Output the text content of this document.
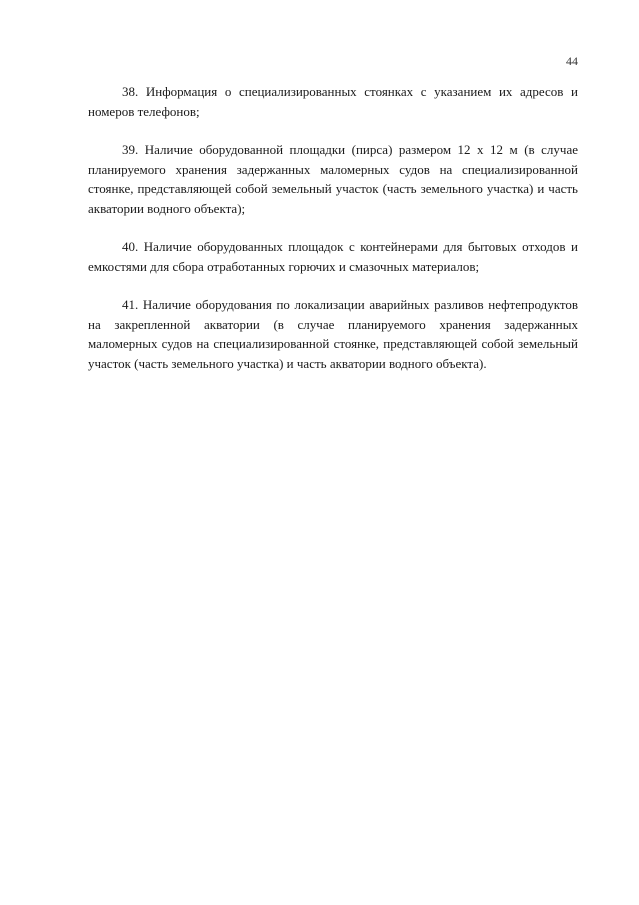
44

38. Информация о специализированных стоянках с указанием их адресов и номеров телефонов;

39. Наличие оборудованной площадки (пирса) размером 12 х 12 м (в случае планируемого хранения задержанных маломерных судов на специализированной стоянке, представляющей собой земельный участок (часть земельного участка) и часть акватории водного объекта);

40. Наличие оборудованных площадок с контейнерами для бытовых отходов и емкостями для сбора отработанных горючих и смазочных материалов;

41. Наличие оборудования по локализации аварийных разливов нефтепродуктов на закрепленной акватории (в случае планируемого хранения задержанных маломерных судов на специализированной стоянке, представляющей собой земельный участок (часть земельного участка) и часть акватории водного объекта).
